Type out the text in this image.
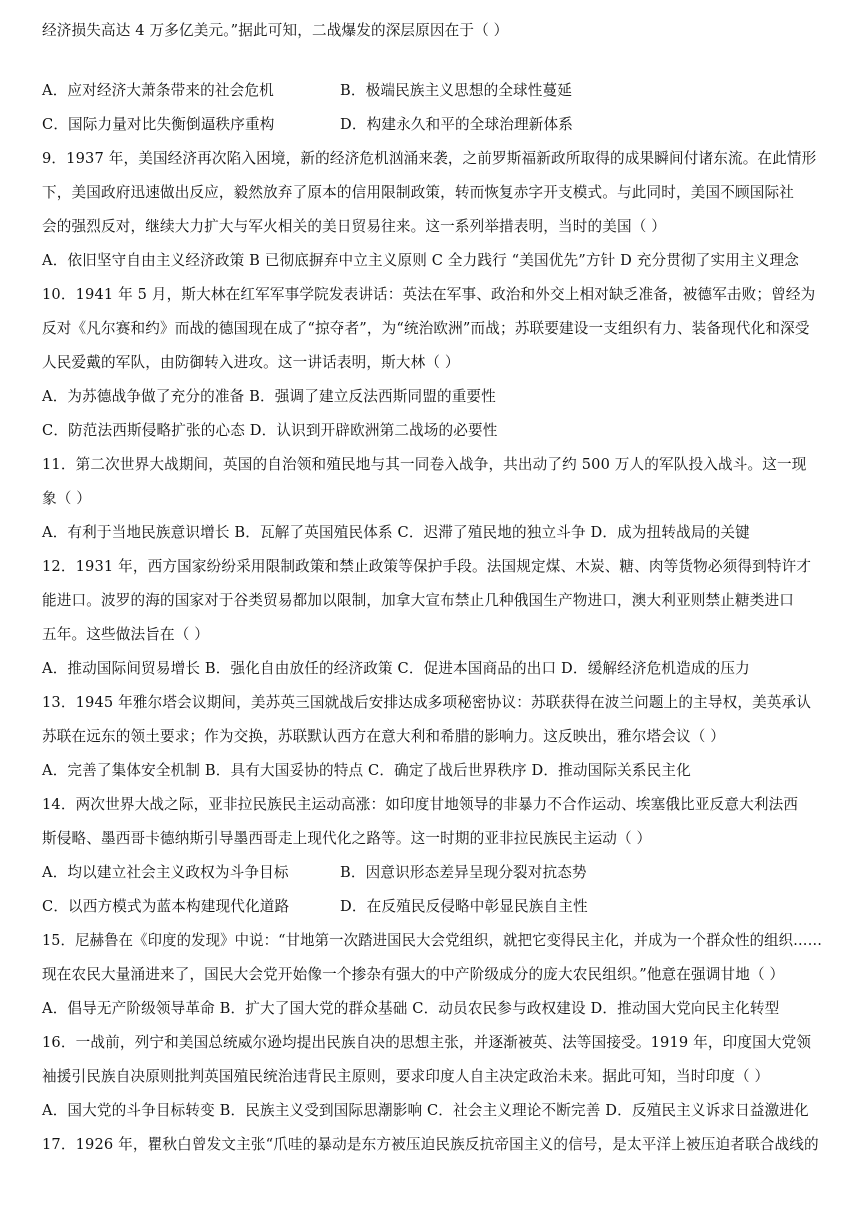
经济损失高达 4 万多亿美元。”据此可知，二战爆发的深层原因在于（ ）
A．应对经济大萧条带来的社会危机	B．极端民族主义思想的全球性蔓延
C．国际力量对比失衡倒逼秩序重构	D．构建永久和平的全球治理新体系
9．1937 年，美国经济再次陷入困境，新的经济危机汹涌来袭，之前罗斯福新政所取得的成果瞬间付诸东流。在此情形
下，美国政府迅速做出反应，毅然放弃了原本的信用限制政策，转而恢复赤字开支模式。与此同时，美国不顾国际社
会的强烈反对，继续大力扩大与军火相关的美日贸易往来。这一系列举措表明，当时的美国（ ）
A．依旧坚守自由主义经济政策 B 已彻底摒弃中立主义原则 C 全力践行 “美国优先”方针 D 充分贯彻了实用主义理念
10．1941 年 5 月，斯大林在红军军事学院发表讲话：英法在军事、政治和外交上相对缺乏准备，被德军击败；曾经为
反对《凡尔赛和约》而战的德国现在成了“掠夺者”，为“统治欧洲”而战；苏联要建设一支组织有力、装备现代化和深受
人民爱戴的军队，由防御转入进攻。这一讲话表明，斯大林（ ）
A．为苏德战争做了充分的准备 B．强调了建立反法西斯同盟的重要性
C．防范法西斯侵略扩张的心态 D．认识到开辟欧洲第二战场的必要性
11．第二次世界大战期间，英国的自治领和殖民地与其一同卷入战争，共出动了约 500 万人的军队投入战斗。这一现
象（ ）
A．有利于当地民族意识增长 B．瓦解了英国殖民体系 C．迟滞了殖民地的独立斗争 D．成为扭转战局的关键
12．1931 年，西方国家纷纷采用限制政策和禁止政策等保护手段。法国规定煤、木炭、糖、肉等货物必须得到特许才
能进口。波罗的海的国家对于谷类贸易都加以限制，加拿大宣布禁止几种俄国生产物进口，澳大利亚则禁止糖类进口
五年。这些做法旨在（ ）
A．推动国际间贸易增长 B．强化自由放任的经济政策 C．促进本国商品的出口 D．缓解经济危机造成的压力
13．1945 年雅尔塔会议期间，美苏英三国就战后安排达成多项秘密协议：苏联获得在波兰问题上的主导权，美英承认
苏联在远东的领土要求；作为交换，苏联默认西方在意大利和希腊的影响力。这反映出，雅尔塔会议（ ）
A．完善了集体安全机制 B．具有大国妥协的特点 C．确定了战后世界秩序 D．推动国际关系民主化
14．两次世界大战之际，亚非拉民族民主运动高涨：如印度甘地领导的非暴力不合作运动、埃塞俄比亚反意大利法西
斯侵略、墨西哥卡德纳斯引导墨西哥走上现代化之路等。这一时期的亚非拉民族民主运动（ ）
A．均以建立社会主义政权为斗争目标	B．因意识形态差异呈现分裂对抗态势
C．以西方模式为蓝本构建现代化道路	D．在反殖民反侵略中彰显民族自主性
15．尼赫鲁在《印度的发现》中说：“甘地第一次踏进国民大会党组织，就把它变得民主化，并成为一个群众性的组织……
现在农民大量涌进来了，国民大会党开始像一个掺杂有强大的中产阶级成分的庞大农民组织。”他意在强调甘地（ ）
A．倡导无产阶级领导革命 B．扩大了国大党的群众基础 C．动员农民参与政权建设 D．推动国大党向民主化转型
16．一战前，列宁和美国总统威尔逊均提出民族自决的思想主张，并逐渐被英、法等国接受。1919 年，印度国大党领
袖援引民族自决原则批判英国殖民统治违背民主原则，要求印度人自主决定政治未来。据此可知，当时印度（ ）
A．国大党的斗争目标转变 B．民族主义受到国际思潮影响 C．社会主义理论不断完善 D．反殖民主义诉求日益激进化
17．1926 年，瞿秋白曾发文主张“爪哇的暴动是东方被压迫民族反抗帝国主义的信号，是太平洋上被压迫者联合战线的
